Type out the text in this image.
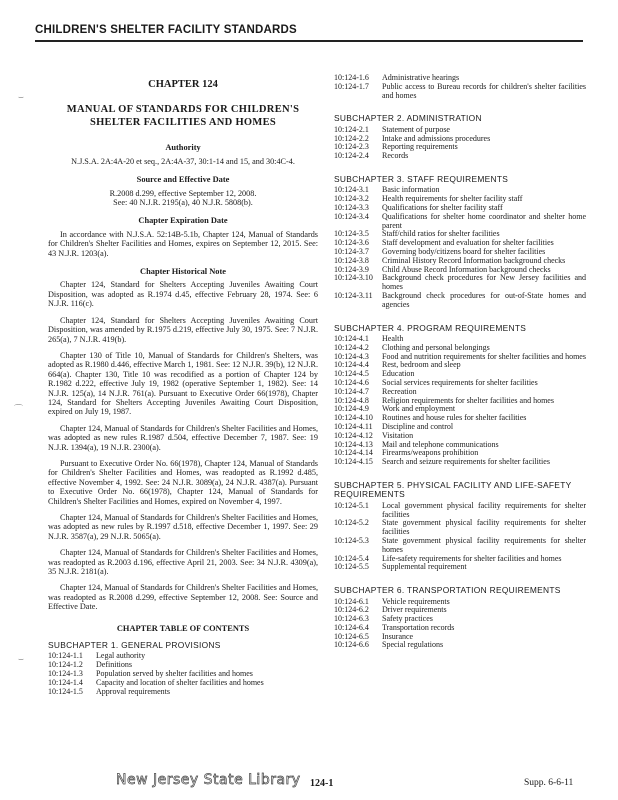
CHILDREN'S SHELTER FACILITY STANDARDS
CHAPTER 124
MANUAL OF STANDARDS FOR CHILDREN'S
SHELTER FACILITIES AND HOMES
Authority
N.J.S.A. 2A:4A-20 et seq., 2A:4A-37, 30:1-14 and 15, and 30:4C-4.
Source and Effective Date
R.2008 d.299, effective September 12, 2008.
See: 40 N.J.R. 2195(a), 40 N.J.R. 5808(b).
Chapter Expiration Date
In accordance with N.J.S.A. 52:14B-5.1b, Chapter 124, Manual of Standards for Children's Shelter Facilities and Homes, expires on September 12, 2015. See: 43 N.J.R. 1203(a).
Chapter Historical Note
Chapter 124, Standard for Shelters Accepting Juveniles Awaiting Court Disposition, was adopted as R.1974 d.45, effective February 28, 1974. See: 6 N.J.R. 116(c).
Chapter 124, Standard for Shelters Accepting Juveniles Awaiting Court Disposition, was amended by R.1975 d.219, effective July 30, 1975. See: 7 N.J.R. 265(a), 7 N.J.R. 419(b).
Chapter 130 of Title 10, Manual of Standards for Children's Shelters, was adopted as R.1980 d.446, effective March 1, 1981. See: 12 N.J.R. 39(b), 12 N.J.R. 664(a). Chapter 130, Title 10 was recodified as a portion of Chapter 124 by R.1982 d.222, effective July 19, 1982 (operative September 1, 1982). See: 14 N.J.R. 125(a), 14 N.J.R. 761(a). Pursuant to Executive Order 66(1978), Chapter 124, Standard for Shelters Accepting Juveniles Awaiting Court Disposition, expired on July 19, 1987.
Chapter 124, Manual of Standards for Children's Shelter Facilities and Homes, was adopted as new rules R.1987 d.504, effective December 7, 1987. See: 19 N.J.R. 1394(a), 19 N.J.R. 2300(a).
Pursuant to Executive Order No. 66(1978), Chapter 124, Manual of Standards for Children's Shelter Facilities and Homes, was readopted as R.1992 d.485, effective November 4, 1992. See: 24 N.J.R. 3089(a), 24 N.J.R. 4387(a). Pursuant to Executive Order No. 66(1978), Chapter 124, Manual of Standards for Children's Shelter Facilities and Homes, expired on November 4, 1997.
Chapter 124, Manual of Standards for Children's Shelter Facilities and Homes, was adopted as new rules by R.1997 d.518, effective December 1, 1997. See: 29 N.J.R. 3587(a), 29 N.J.R. 5065(a).
Chapter 124, Manual of Standards for Children's Shelter Facilities and Homes, was readopted as R.2003 d.196, effective April 21, 2003. See: 34 N.J.R. 4309(a), 35 N.J.R. 2181(a).
Chapter 124, Manual of Standards for Children's Shelter Facilities and Homes, was readopted as R.2008 d.299, effective September 12, 2008. See: Source and Effective Date.
CHAPTER TABLE OF CONTENTS
SUBCHAPTER 1. GENERAL PROVISIONS
10:124-1.1	Legal authority
10:124-1.2	Definitions
10:124-1.3	Population served by shelter facilities and homes
10:124-1.4	Capacity and location of shelter facilities and homes
10:124-1.5	Approval requirements
10:124-1.6	Administrative hearings
10:124-1.7	Public access to Bureau records for children's shelter facilities and homes
SUBCHAPTER 2. ADMINISTRATION
10:124-2.1	Statement of purpose
10:124-2.2	Intake and admissions procedures
10:124-2.3	Reporting requirements
10:124-2.4	Records
SUBCHAPTER 3. STAFF REQUIREMENTS
10:124-3.1	Basic information
10:124-3.2	Health requirements for shelter facility staff
10:124-3.3	Qualifications for shelter facility staff
10:124-3.4	Qualifications for shelter home coordinator and shelter home parent
10:124-3.5	Staff/child ratios for shelter facilities
10:124-3.6	Staff development and evaluation for shelter facilities
10:124-3.7	Governing body/citizens board for shelter facilities
10:124-3.8	Criminal History Record Information background checks
10:124-3.9	Child Abuse Record Information background checks
10:124-3.10	Background check procedures for New Jersey facilities and homes
10:124-3.11	Background check procedures for out-of-State homes and agencies
SUBCHAPTER 4. PROGRAM REQUIREMENTS
10:124-4.1	Health
10:124-4.2	Clothing and personal belongings
10:124-4.3	Food and nutrition requirements for shelter facilities and homes
10:124-4.4	Rest, bedroom and sleep
10:124-4.5	Education
10:124-4.6	Social services requirements for shelter facilities
10:124-4.7	Recreation
10:124-4.8	Religion requirements for shelter facilities and homes
10:124-4.9	Work and employment
10:124-4.10	Routines and house rules for shelter facilities
10:124-4.11	Discipline and control
10:124-4.12	Visitation
10:124-4.13	Mail and telephone communications
10:124-4.14	Firearms/weapons prohibition
10:124-4.15	Search and seizure requirements for shelter facilities
SUBCHAPTER 5. PHYSICAL FACILITY AND LIFE-SAFETY REQUIREMENTS
10:124-5.1	Local government physical facility requirements for shelter facilities
10:124-5.2	State government physical facility requirements for shelter facilities
10:124-5.3	State government physical facility requirements for shelter homes
10:124-5.4	Life-safety requirements for shelter facilities and homes
10:124-5.5	Supplemental requirement
SUBCHAPTER 6. TRANSPORTATION REQUIREMENTS
10:124-6.1	Vehicle requirements
10:124-6.2	Driver requirements
10:124-6.3	Safety practices
10:124-6.4	Transportation records
10:124-6.5	Insurance
10:124-6.6	Special regulations
⌣
⌒
⌣
New Jersey State Library 124-1	Supp. 6-6-11
